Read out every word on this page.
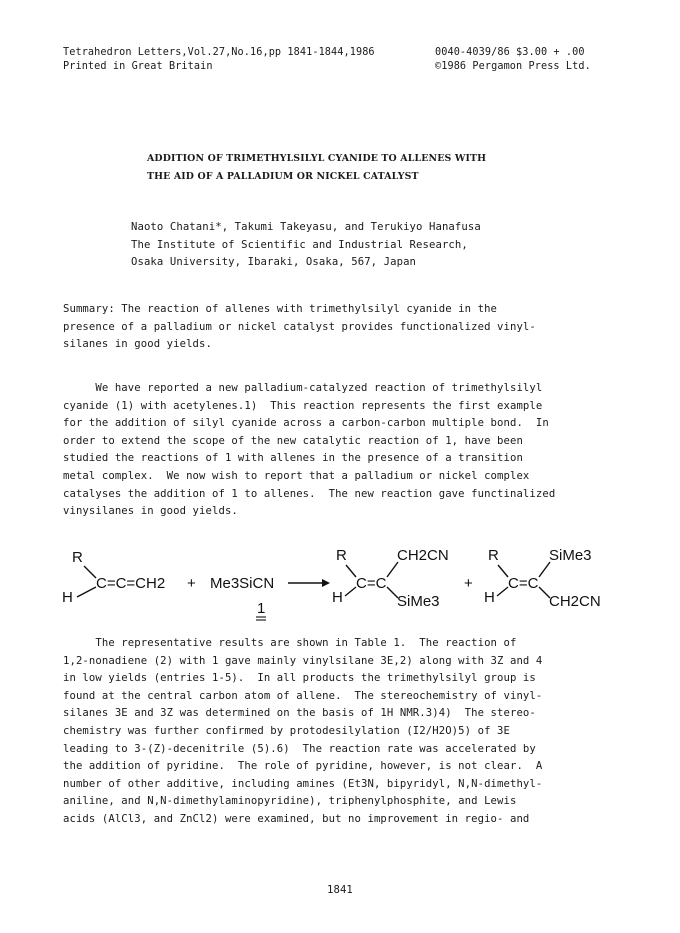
Tetrahedron Letters,Vol.27,No.16,pp 1841-1844,1986
Printed in Great Britain
0040-4039/86 $3.00 + .00
©1986 Pergamon Press Ltd.
ADDITION OF TRIMETHYLSILYL CYANIDE TO ALLENES WITH
THE AID OF A PALLADIUM OR NICKEL CATALYST
Naoto Chatani*, Takumi Takeyasu, and Terukiyo Hanafusa
The Institute of Scientific and Industrial Research,
Osaka University, Ibaraki, Osaka, 567, Japan
Summary: The reaction of allenes with trimethylsilyl cyanide in the
presence of a palladium or nickel catalyst provides functionalized vinyl-
silanes in good yields.
We have reported a new palladium-catalyzed reaction of trimethylsilyl
cyanide (1) with acetylenes.1)  This reaction represents the first example
for the addition of silyl cyanide across a carbon-carbon multiple bond.  In
order to extend the scope of the new catalytic reaction of 1, have been
studied the reactions of 1 with allenes in the presence of a transition
metal complex.  We now wish to report that a palladium or nickel complex
catalyses the addition of 1 to allenes.  The new reaction gave functinalized
vinysilanes in good yields.
R
H
C=C=CH2 + Me3SiCN
1
R
H
C=C
CH2CN
SiMe3
+
R
H
C=C
SiMe3
CH2CN
The representative results are shown in Table 1.  The reaction of
1,2-nonadiene (2) with 1 gave mainly vinylsilane 3E,2) along with 3Z and 4
in low yields (entries 1-5).  In all products the trimethylsilyl group is
found at the central carbon atom of allene.  The stereochemistry of vinyl-
silanes 3E and 3Z was determined on the basis of 1H NMR.3)4)  The stereo-
chemistry was further confirmed by protodesilylation (I2/H2O)5) of 3E
leading to 3-(Z)-decenitrile (5).6)  The reaction rate was accelerated by
the addition of pyridine.  The role of pyridine, however, is not clear.  A
number of other additive, including amines (Et3N, bipyridyl, N,N-dimethyl-
aniline, and N,N-dimethylaminopyridine), triphenylphosphite, and Lewis
acids (AlCl3, and ZnCl2) were examined, but no improvement in regio- and
1841
